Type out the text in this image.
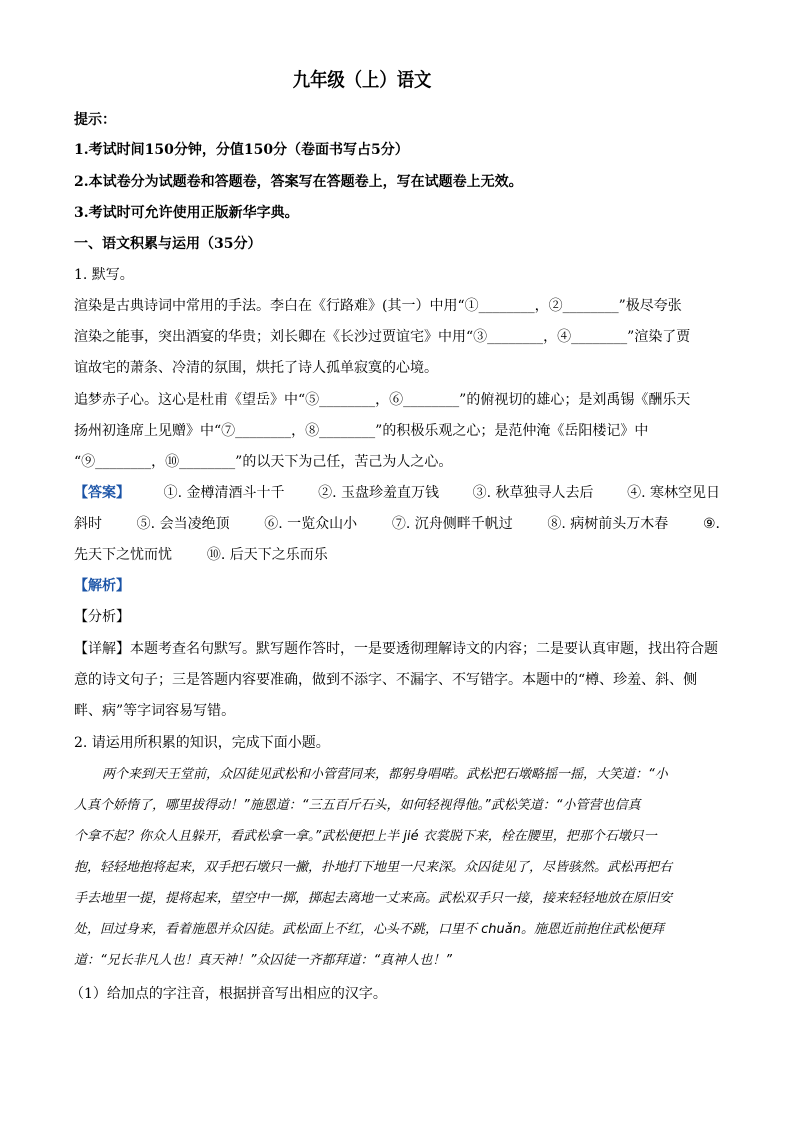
九年级（上）语文
提示：
1.考试时间150分钟，分值150分（卷面书写占5分）
2.本试卷分为试题卷和答题卷，答案写在答题卷上，写在试题卷上无效。
3.考试时可允许使用正版新华字典。
一、语文积累与运用（35分）
1. 默写。
渲染是古典诗词中常用的手法。李白在《行路难》(其一）中用“①________，②________”极尽夸张
渲染之能事，突出酒宴的华贵；刘长卿在《长沙过贾谊宅》中用“③________，④________”渲染了贾
谊故宅的萧条、冷清的氛围，烘托了诗人孤单寂寞的心境。
追梦赤子心。这心是杜甫《望岳》中“⑤________，⑥________”的俯视切的雄心；是刘禹锡《酬乐天
扬州初逢席上见赠》中“⑦________，⑧________”的积极乐观之心；是范仲淹《岳阳楼记》中
“⑨________，⑩________”的以天下为己任，苦己为人之心。
【答案】 ①. 金樽清酒斗十千 ②. 玉盘珍羞直万钱 ③. 秋草独寻人去后 ④. 寒林空见日
斜时 ⑤. 会当凌绝顶 ⑥. 一览众山小 ⑦. 沉舟侧畔千帆过 ⑧. 病树前头万木春 ⑨.
先天下之忧而忧 ⑩. 后天下之乐而乐
【解析】
【分析】
【详解】本题考查名句默写。默写题作答时，一是要透彻理解诗文的内容；二是要认真审题，找出符合题
意的诗文句子；三是答题内容要准确，做到不添字、不漏字、不写错字。本题中的“樽、珍羞、斜、侧
畔、病”等字词容易写错。
2. 请运用所积累的知识，完成下面小题。
两个来到天王堂前，众囚徒见武松和小管营同来，都躬身唱喏。武松把石墩略摇一摇，大笑道：“小
人真个娇惰了，哪里拔得动！”施恩道：“三五百斤石头，如何轻视得他。”武松笑道：“小管营也信真
个拿不起？你众人且躲开，看武松拿一拿。”武松便把上半 jié 衣裳脱下来，栓在腰里，把那个石墩只一
抱，轻轻地抱将起来，双手把石墩只一撇，扑地打下地里一尺来深。众囚徒见了，尽皆骇然。武松再把右
手去地里一提，提将起来，望空中一掷，掷起去离地一丈来高。武松双手只一接，接来轻轻地放在原旧安
处，回过身来，看着施恩并众囚徒。武松面上不红，心头不跳，口里不 chuǎn。施恩近前抱住武松便拜
道：“兄长非凡人也！真天神！”众囚徒一齐都拜道：“真神人也！”
（1）给加点的字注音，根据拼音写出相应的汉字。
